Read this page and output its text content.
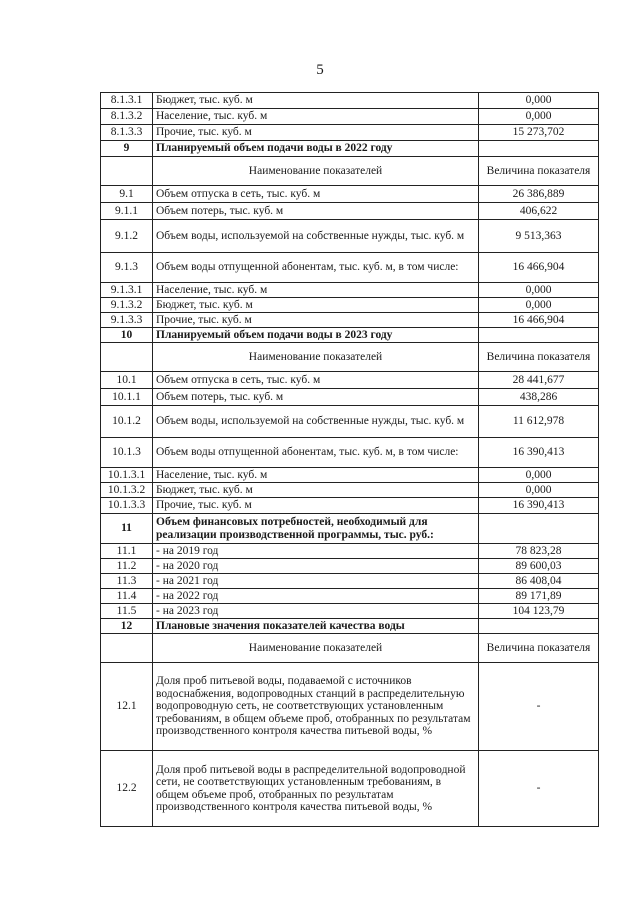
5
8.1.3.1	Бюджет, тыс. куб. м	0,000
8.1.3.2	Население, тыс. куб. м	0,000
8.1.3.3	Прочие, тыс. куб. м	15 273,702
9	Планируемый объем подачи воды в 2022 году	
	Наименование показателей	Величина показателя
9.1	Объем отпуска в сеть, тыс. куб. м	26 386,889
9.1.1	Объем потерь, тыс. куб. м	406,622
9.1.2	Объем воды, используемой на собственные нужды, тыс. куб. м	9 513,363
9.1.3	Объем воды отпущенной абонентам, тыс. куб. м, в том числе:	16 466,904
9.1.3.1	Население, тыс. куб. м	0,000
9.1.3.2	Бюджет, тыс. куб. м	0,000
9.1.3.3	Прочие, тыс. куб. м	16 466,904
10	Планируемый объем подачи воды в 2023 году	
	Наименование показателей	Величина показателя
10.1	Объем отпуска в сеть, тыс. куб. м	28 441,677
10.1.1	Объем потерь, тыс. куб. м	438,286
10.1.2	Объем воды, используемой на собственные нужды, тыс. куб. м	11 612,978
10.1.3	Объем воды отпущенной абонентам, тыс. куб. м, в том числе:	16 390,413
10.1.3.1	Население, тыс. куб. м	0,000
10.1.3.2	Бюджет, тыс. куб. м	0,000
10.1.3.3	Прочие, тыс. куб. м	16 390,413
11	Объем финансовых потребностей, необходимый для реализации производственной программы, тыс. руб.:	
11.1	- на 2019 год	78 823,28
11.2	- на 2020 год	89 600,03
11.3	- на 2021 год	86 408,04
11.4	- на 2022 год	89 171,89
11.5	- на 2023 год	104 123,79
12	Плановые значения показателей качества воды	
	Наименование показателей	Величина показателя
12.1	Доля проб питьевой воды, подаваемой с источников водоснабжения, водопроводных станций в распределительную водопроводную сеть, не соответствующих установленным требованиям, в общем объеме проб, отобранных по результатам производственного контроля качества питьевой воды, %	-
12.2	Доля проб питьевой воды в распределительной водопроводной сети, не соответствующих установленным требованиям, в общем объеме проб, отобранных по результатам производственного контроля качества питьевой воды, %	-
